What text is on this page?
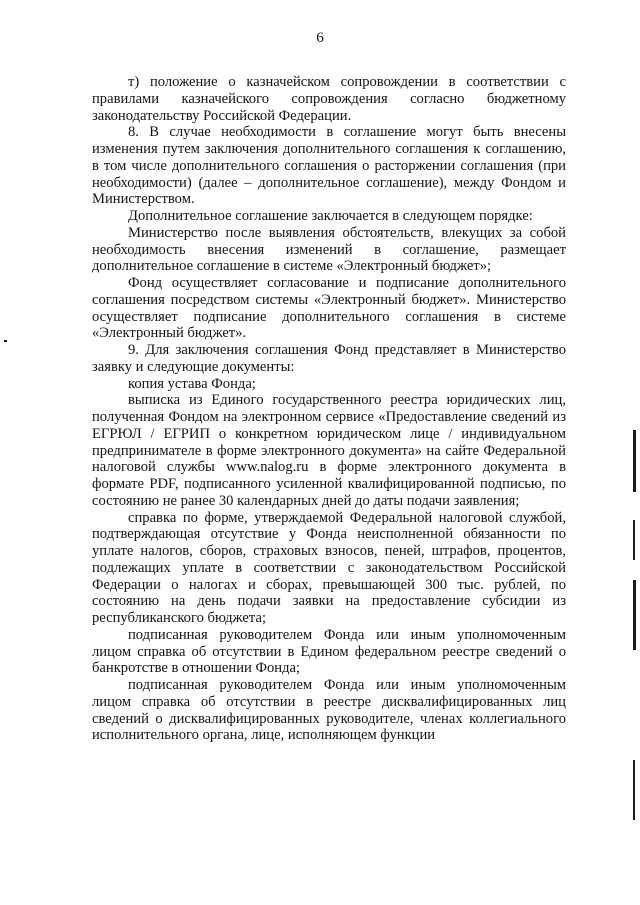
6

т) положение о казначейском сопровождении в соответствии с правилами казначейского сопровождения согласно бюджетному законодательству Российской Федерации.

8. В случае необходимости в соглашение могут быть внесены изменения путем заключения дополнительного соглашения к соглашению, в том числе дополнительного соглашения о расторжении соглашения (при необходимости) (далее – дополнительное соглашение), между Фондом и Министерством.

Дополнительное соглашение заключается в следующем порядке:

Министерство после выявления обстоятельств, влекущих за собой необходимость внесения изменений в соглашение, размещает дополнительное соглашение в системе «Электронный бюджет»;

Фонд осуществляет согласование и подписание дополнительного соглашения посредством системы «Электронный бюджет». Министерство осуществляет подписание дополнительного соглашения в системе «Электронный бюджет».

9. Для заключения соглашения Фонд представляет в Министерство заявку и следующие документы:

копия устава Фонда;

выписка из Единого государственного реестра юридических лиц, полученная Фондом на электронном сервисе «Предоставление сведений из ЕГРЮЛ / ЕГРИП о конкретном юридическом лице / индивидуальном предпринимателе в форме электронного документа» на сайте Федеральной налоговой службы www.nalog.ru в форме электронного документа в формате PDF, подписанного усиленной квалифицированной подписью, по состоянию не ранее 30 календарных дней до даты подачи заявления;

справка по форме, утверждаемой Федеральной налоговой службой, подтверждающая отсутствие у Фонда неисполненной обязанности по уплате налогов, сборов, страховых взносов, пеней, штрафов, процентов, подлежащих уплате в соответствии с законодательством Российской Федерации о налогах и сборах, превышающей 300 тыс. рублей, по состоянию на день подачи заявки на предоставление субсидии из республиканского бюджета;

подписанная руководителем Фонда или иным уполномоченным лицом справка об отсутствии в Едином федеральном реестре сведений о банкротстве в отношении Фонда;

подписанная руководителем Фонда или иным уполномоченным лицом справка об отсутствии в реестре дисквалифицированных лиц сведений о дисквалифицированных руководителе, членах коллегиального исполнительного органа, лице, исполняющем функции
